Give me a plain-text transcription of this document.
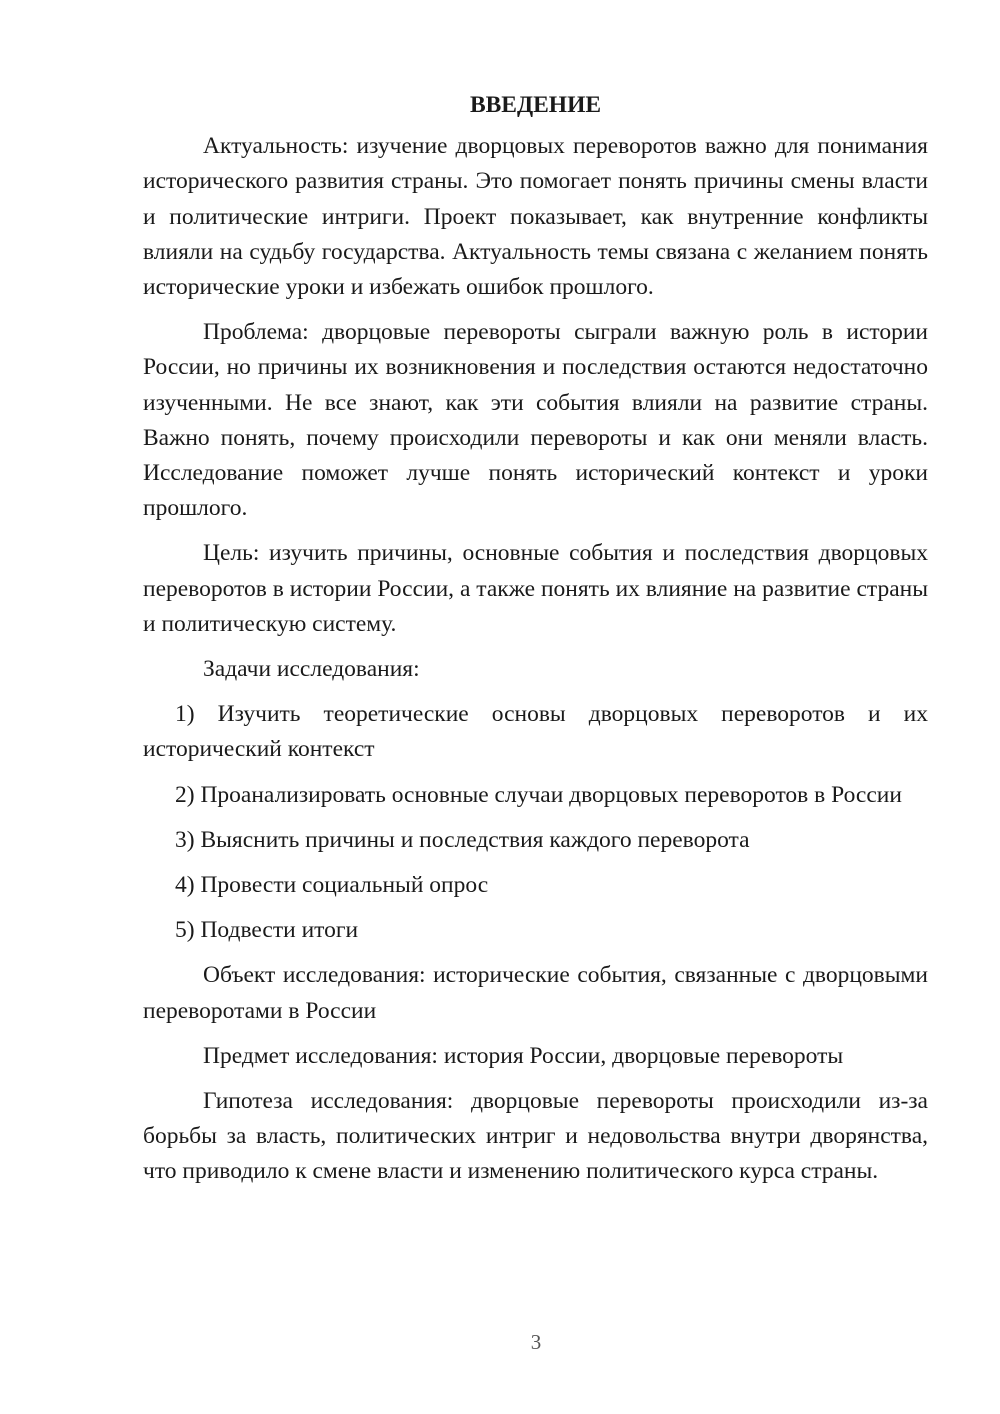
ВВЕДЕНИЕ

Актуальность: изучение дворцовых переворотов важно для понимания исторического развития страны. Это помогает понять причины смены власти и политические интриги. Проект показывает, как внутренние конфликты влияли на судьбу государства. Актуальность темы связана с желанием понять исторические уроки и избежать ошибок прошлого.

Проблема: дворцовые перевороты сыграли важную роль в истории России, но причины их возникновения и последствия остаются недостаточно изученными. Не все знают, как эти события влияли на развитие страны. Важно понять, почему происходили перевороты и как они меняли власть. Исследование поможет лучше понять исторический контекст и уроки прошлого.

Цель: изучить причины, основные события и последствия дворцовых переворотов в истории России, а также понять их влияние на развитие страны и политическую систему.

Задачи исследования:

1) Изучить теоретические основы дворцовых переворотов и их исторический контекст

2) Проанализировать основные случаи дворцовых переворотов в России

3) Выяснить причины и последствия каждого переворота

4) Провести социальный опрос

5) Подвести итоги

Объект исследования: исторические события, связанные с дворцовыми переворотами в России

Предмет исследования: история России, дворцовые перевороты

Гипотеза исследования: дворцовые перевороты происходили из-за борьбы за власть, политических интриг и недовольства внутри дворянства, что приводило к смене власти и изменению политического курса страны.

3
